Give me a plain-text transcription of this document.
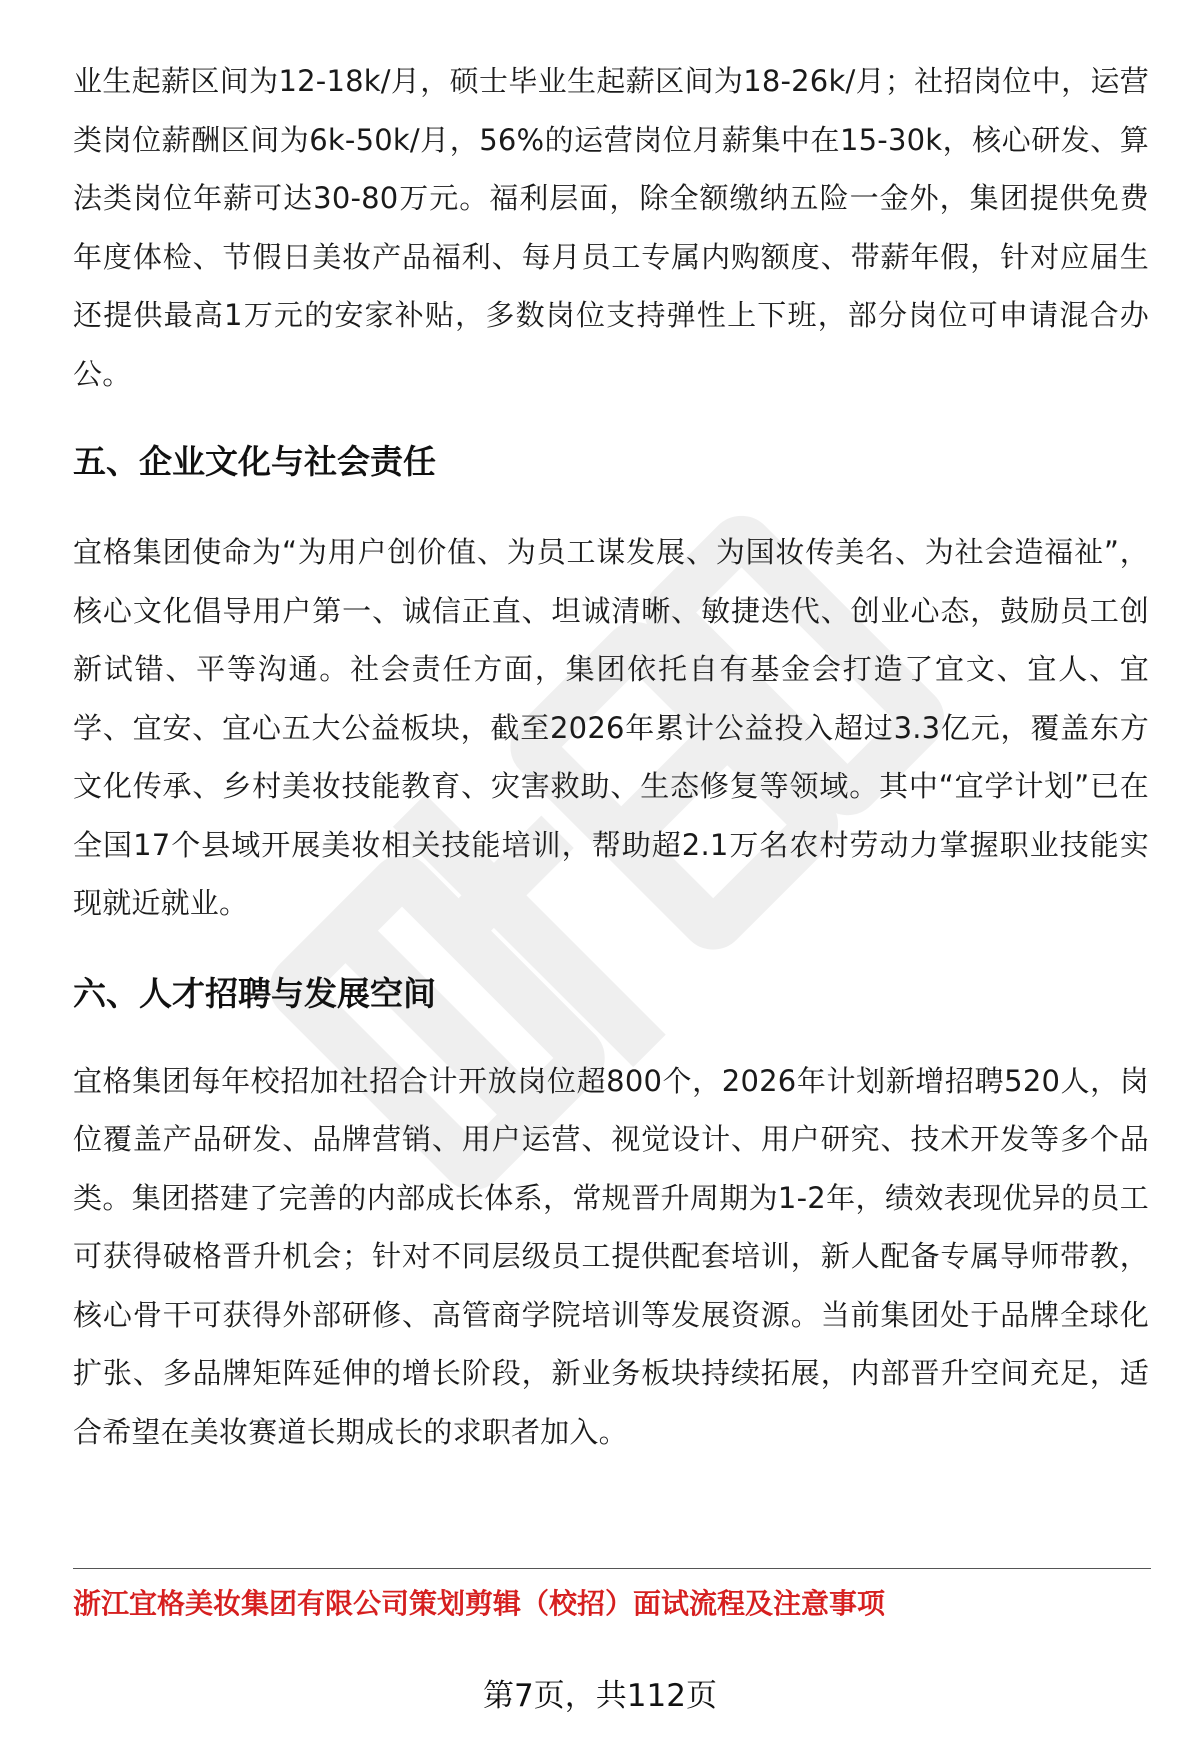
业生起薪区间为12-18k/月，硕士毕业生起薪区间为18-26k/月；社招岗位中，运营类岗位薪酬区间为6k-50k/月，56%的运营岗位月薪集中在15-30k，核心研发、算法类岗位年薪可达30-80万元。福利层面，除全额缴纳五险一金外，集团提供免费年度体检、节假日美妆产品福利、每月员工专属内购额度、带薪年假，针对应届生还提供最高1万元的安家补贴，多数岗位支持弹性上下班，部分岗位可申请混合办公。

五、企业文化与社会责任

宜格集团使命为“为用户创价值、为员工谋发展、为国妆传美名、为社会造福祉”，核心文化倡导用户第一、诚信正直、坦诚清晰、敏捷迭代、创业心态，鼓励员工创新试错、平等沟通。社会责任方面，集团依托自有基金会打造了宜文、宜人、宜学、宜安、宜心五大公益板块，截至2026年累计公益投入超过3.3亿元，覆盖东方文化传承、乡村美妆技能教育、灾害救助、生态修复等领域。其中“宜学计划”已在全国17个县域开展美妆相关技能培训，帮助超2.1万名农村劳动力掌握职业技能实现就近就业。

六、人才招聘与发展空间

宜格集团每年校招加社招合计开放岗位超800个，2026年计划新增招聘520人，岗位覆盖产品研发、品牌营销、用户运营、视觉设计、用户研究、技术开发等多个品类。集团搭建了完善的内部成长体系，常规晋升周期为1-2年，绩效表现优异的员工可获得破格晋升机会；针对不同层级员工提供配套培训，新人配备专属导师带教，核心骨干可获得外部研修、高管商学院培训等发展资源。当前集团处于品牌全球化扩张、多品牌矩阵延伸的增长阶段，新业务板块持续拓展，内部晋升空间充足，适合希望在美妆赛道长期成长的求职者加入。

浙江宜格美妆集团有限公司策划剪辑（校招）面试流程及注意事项
第7页，共112页
